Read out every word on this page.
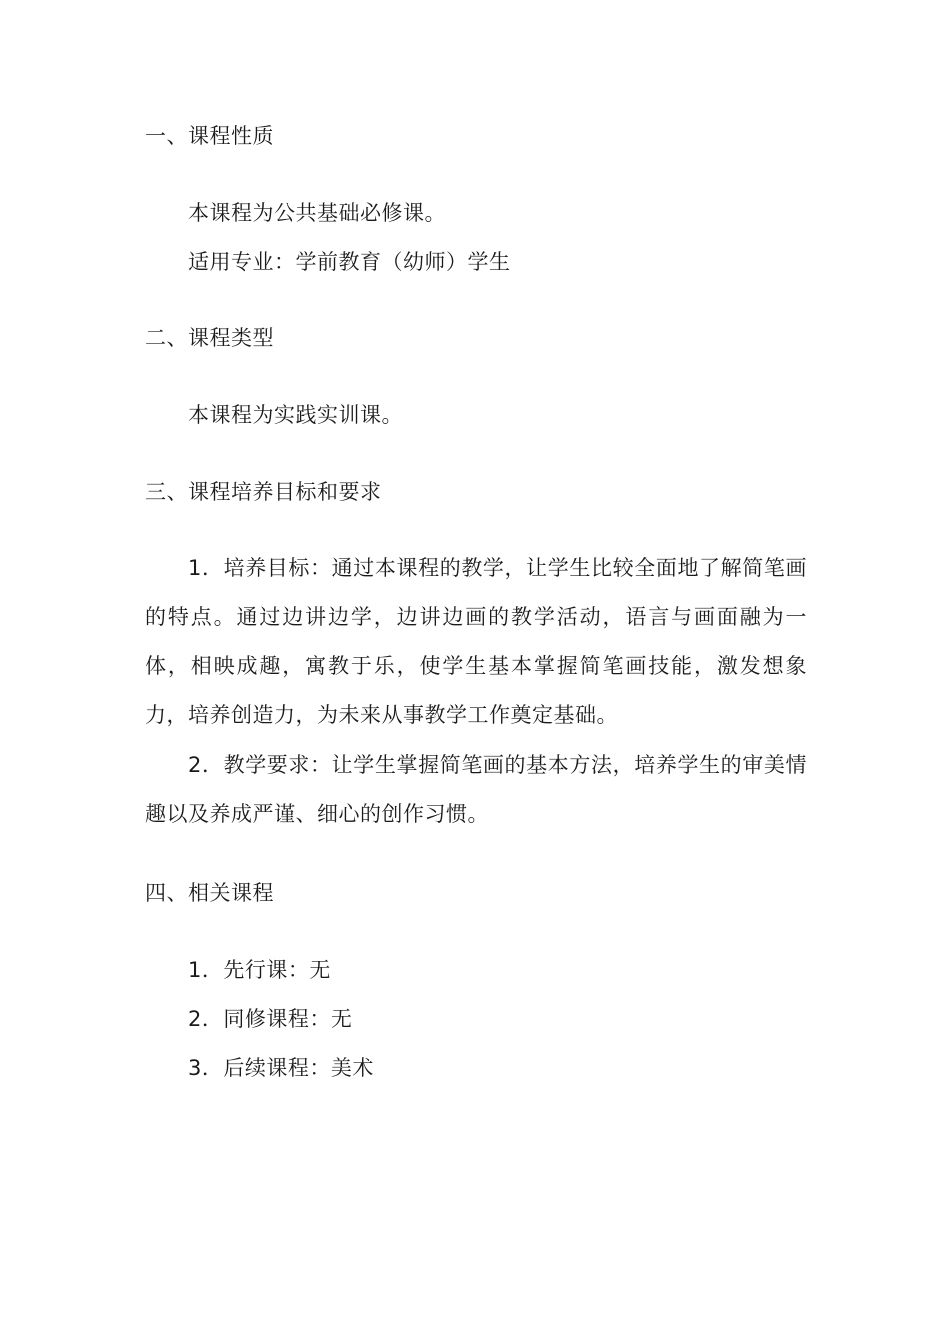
一、课程性质
本课程为公共基础必修课。
适用专业：学前教育（幼师）学生
二、课程类型
本课程为实践实训课。
三、课程培养目标和要求

1．培养目标：通过本课程的教学，让学生比较全面地了解简笔画的特点。通过边讲边学，边讲边画的教学活动，语言与画面融为一体，相映成趣，寓教于乐，使学生基本掌握简笔画技能，激发想象力，培养创造力，为未来从事教学工作奠定基础。

2．教学要求：让学生掌握简笔画的基本方法，培养学生的审美情趣以及养成严谨、细心的创作习惯。

四、相关课程
1．先行课：无
2．同修课程：无
3．后续课程：美术
